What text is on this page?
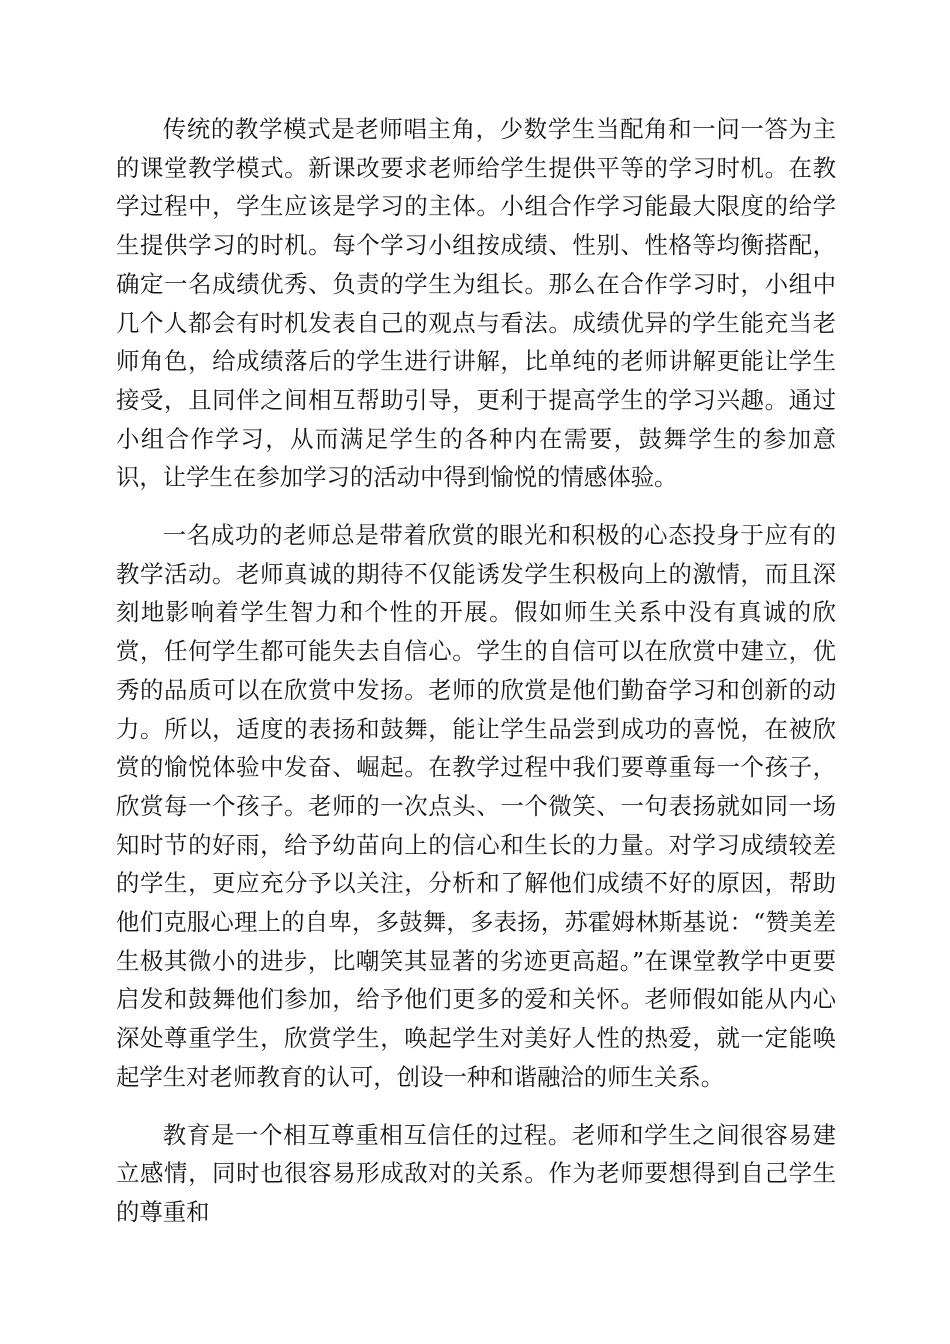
传统的教学模式是老师唱主角，少数学生当配角和一问一答为主的课堂教学模式。新课改要求老师给学生提供平等的学习时机。在教学过程中，学生应该是学习的主体。小组合作学习能最大限度的给学生提供学习的时机。每个学习小组按成绩、性别、性格等均衡搭配，确定一名成绩优秀、负责的学生为组长。那么在合作学习时，小组中几个人都会有时机发表自己的观点与看法。成绩优异的学生能充当老师角色，给成绩落后的学生进行讲解，比单纯的老师讲解更能让学生接受，且同伴之间相互帮助引导，更利于提高学生的学习兴趣。通过小组合作学习，从而满足学生的各种内在需要，鼓舞学生的参加意识，让学生在参加学习的活动中得到愉悦的情感体验。

一名成功的老师总是带着欣赏的眼光和积极的心态投身于应有的教学活动。老师真诚的期待不仅能诱发学生积极向上的激情，而且深刻地影响着学生智力和个性的开展。假如师生关系中没有真诚的欣赏，任何学生都可能失去自信心。学生的自信可以在欣赏中建立，优秀的品质可以在欣赏中发扬。老师的欣赏是他们勤奋学习和创新的动力。所以，适度的表扬和鼓舞，能让学生品尝到成功的喜悦，在被欣赏的愉悦体验中发奋、崛起。在教学过程中我们要尊重每一个孩子，欣赏每一个孩子。老师的一次点头、一个微笑、一句表扬就如同一场知时节的好雨，给予幼苗向上的信心和生长的力量。对学习成绩较差的学生，更应充分予以关注，分析和了解他们成绩不好的原因，帮助他们克服心理上的自卑，多鼓舞，多表扬，苏霍姆林斯基说：“赞美差生极其微小的进步，比嘲笑其显著的劣迹更高超。”在课堂教学中更要启发和鼓舞他们参加，给予他们更多的爱和关怀。老师假如能从内心深处尊重学生，欣赏学生，唤起学生对美好人性的热爱，就一定能唤起学生对老师教育的认可，创设一种和谐融洽的师生关系。

教育是一个相互尊重相互信任的过程。老师和学生之间很容易建立感情，同时也很容易形成敌对的关系。作为老师要想得到自己学生的尊重和
